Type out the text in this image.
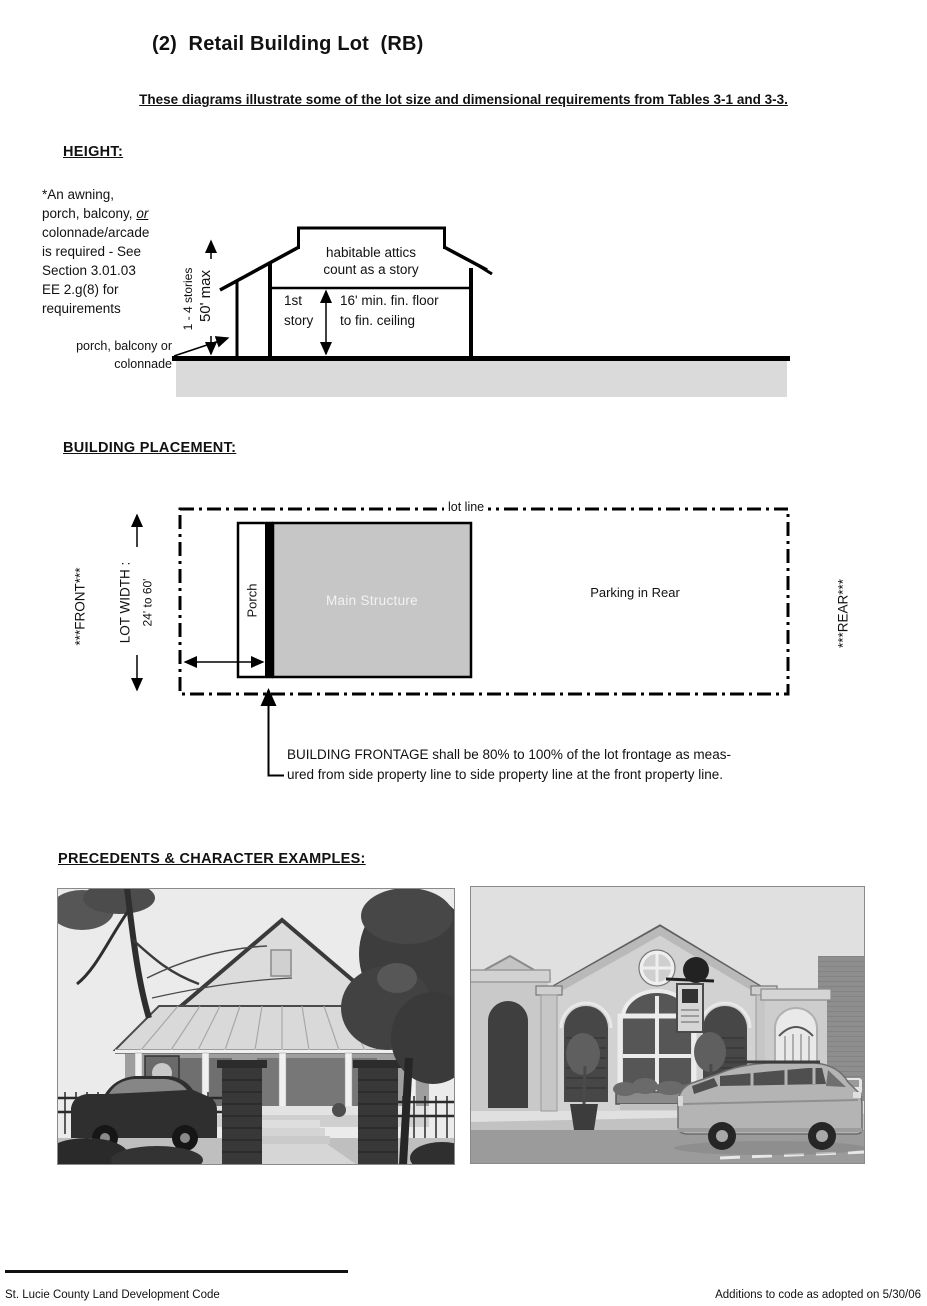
(2)  Retail Building Lot  (RB)
These diagrams illustrate some of the lot size and dimensional requirements from Tables 3-1 and 3-3.
HEIGHT:
*An awning,
porch, balcony, or
colonnade/arcade
is required - See
Section 3.01.03
EE 2.g(8) for
requirements
porch, balcony or
colonnade
1 - 4 stories 50' max
habitable attics
count as a story
1st
story
16' min. fin. floor
to fin. ceiling
BUILDING PLACEMENT:
lot line
***FRONT*** LOT WIDTH : 24' to 60'	Porch	Main Structure
Parking in Rear	***REAR***
BUILDING FRONTAGE shall be 80% to 100% of the lot frontage as meas-
ured from side property line to side property line at the front property line.
PRECEDENTS & CHARACTER EXAMPLES:
St. Lucie County Land Development Code	Additions to code as adopted on 5/30/06
